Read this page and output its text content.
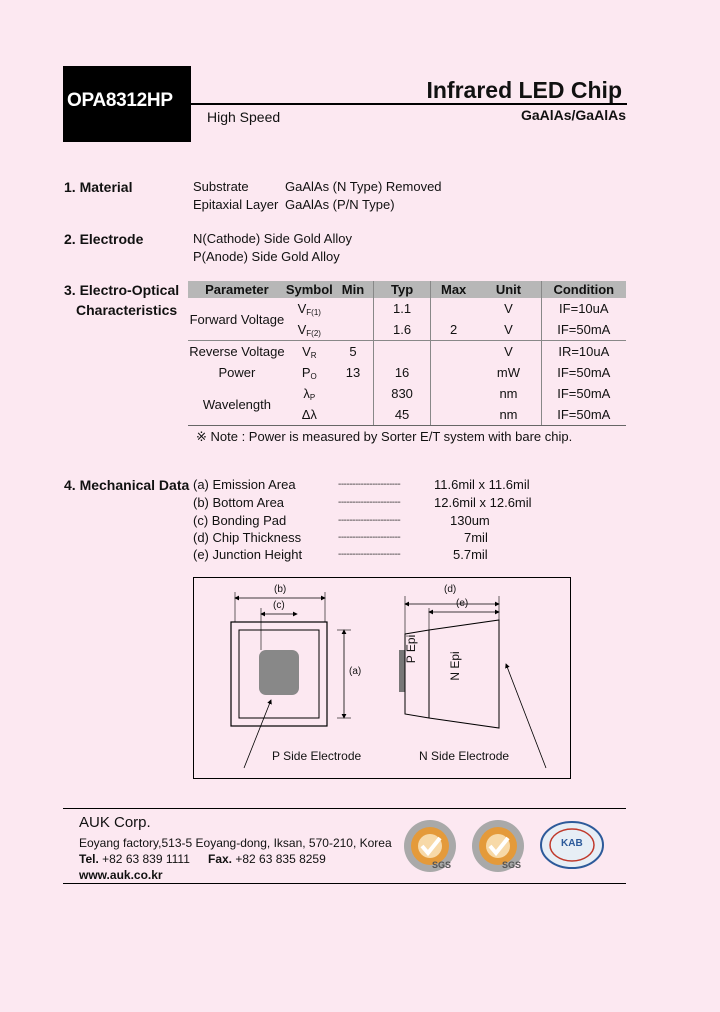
OPA8312HP	Infrared LED Chip
High Speed	GaAlAs/GaAlAs
1. Material	Substrate	GaAlAs (N Type) Removed
Epitaxial Layer GaAlAs (P/N Type)
2. Electrode	N(Cathode) Side Gold Alloy
P(Anode) Side Gold Alloy
3. Electro-Optical
Characteristics
Parameter	Symbol	Min	Typ	Max	Unit	Condition
Forward Voltage	$V_{F(1)}$		1.1		V	IF=10uA
	$V_{F(2)}$		1.6	2	V	IF=50mA
Reverse Voltage	$V_R$	5			V	IR=10uA
Power	$P_O$	13	16		mW	IF=50mA
Wavelength	$\lambda_P$		830		nm	IF=50mA
	Δλ		45		nm	IF=50mA
※ Note : Power is measured by Sorter E/T system with bare chip.
4. Mechanical Data (a) Emission Area	----------------------	11.6mil x 11.6mil
(b) Bottom Area	----------------------	12.6mil x 12.6mil
(c) Bonding Pad	----------------------	130um
(d) Chip Thickness	----------------------	7mil
(e) Junction Height	----------------------	5.7mil
(b)
(c)
(a)
(d)
(e)
P Epi
N Epi
P Side Electrode	N Side Electrode
AUK Corp.
Eoyang factory,513-5 Eoyang-dong, Iksan, 570-210, Korea
Tel. +82 63 839 1111 Fax. +82 63 835 8259
www.auk.co.kr
SGS	SGS
KAB
